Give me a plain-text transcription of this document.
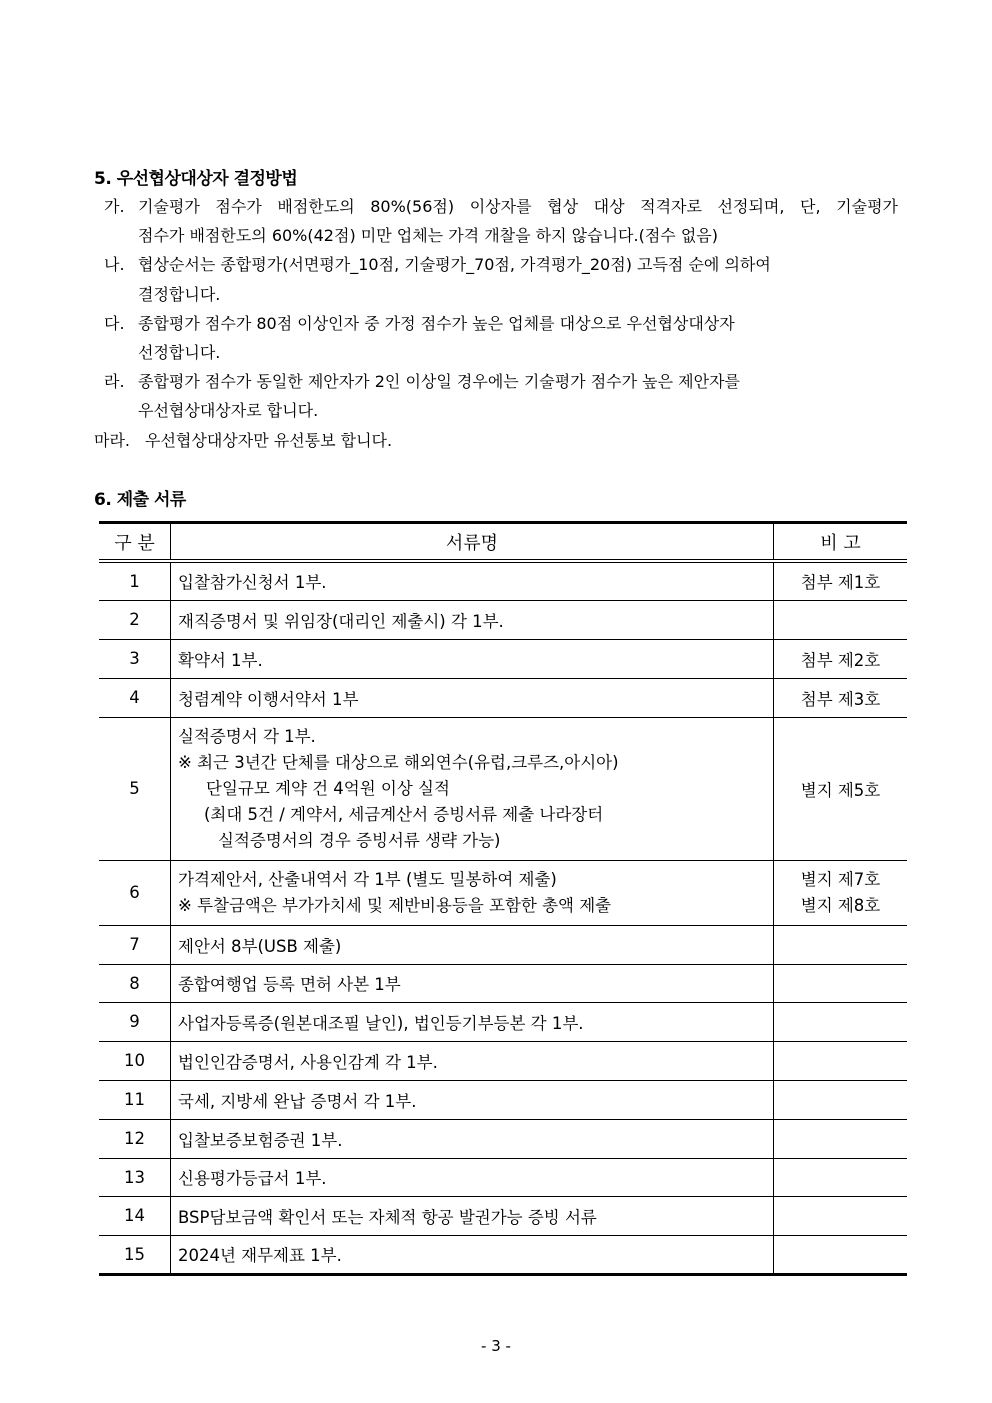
5. 우선협상대상자 결정방법
가. 기술평가 점수가 배점한도의 80%(56점) 이상자를 협상 대상 적격자로 선정되며, 단, 기술평가
점수가 배점한도의 60%(42점) 미만 업체는 가격 개찰을 하지 않습니다.(점수 없음)
나. 협상순서는 종합평가(서면평가_10점, 기술평가_70점, 가격평가_20점) 고득점 순에 의하여
결정합니다.
다. 종합평가 점수가 80점 이상인자 중 가정 점수가 높은 업체를 대상으로 우선협상대상자
선정합니다.
라. 종합평가 점수가 동일한 제안자가 2인 이상일 경우에는 기술평가 점수가 높은 제안자를
우선협상대상자로 합니다.
마라. 우선협상대상자만 유선통보 합니다.
6. 제출 서류
구 분	서류명	비 고
1	입찰참가신청서 1부.	첨부 제1호
2	재직증명서 및 위임장(대리인 제출시) 각 1부.	
3	확약서 1부.	첨부 제2호
4	청렴계약 이행서약서 1부	첨부 제3호
5	실적증명서 각 1부.
※ 최근 3년간 단체를 대상으로 해외연수(유럽,크루즈,아시아)
단일규모 계약 건 4억원 이상 실적
(최대 5건 / 계약서, 세금계산서 증빙서류 제출 나라장터
실적증명서의 경우 증빙서류 생략 가능)	별지 제5호
6	가격제안서, 산출내역서 각 1부 (별도 밀봉하여 제출)
※ 투찰금액은 부가가치세 및 제반비용등을 포함한 총액 제출	별지 제7호
별지 제8호

7	제안서 8부(USB 제출)	
8	종합여행업 등록 면허 사본 1부	
9	사업자등록증(원본대조필 날인), 법인등기부등본 각 1부.	
10	법인인감증명서, 사용인감계 각 1부.	
11	국세, 지방세 완납 증명서 각 1부.	
12	입찰보증보험증권 1부.	
13	신용평가등급서 1부.	
14	BSP담보금액 확인서 또는 자체적 항공 발권가능 증빙 서류	
15	2024년 재무제표 1부.	
- 3 -
